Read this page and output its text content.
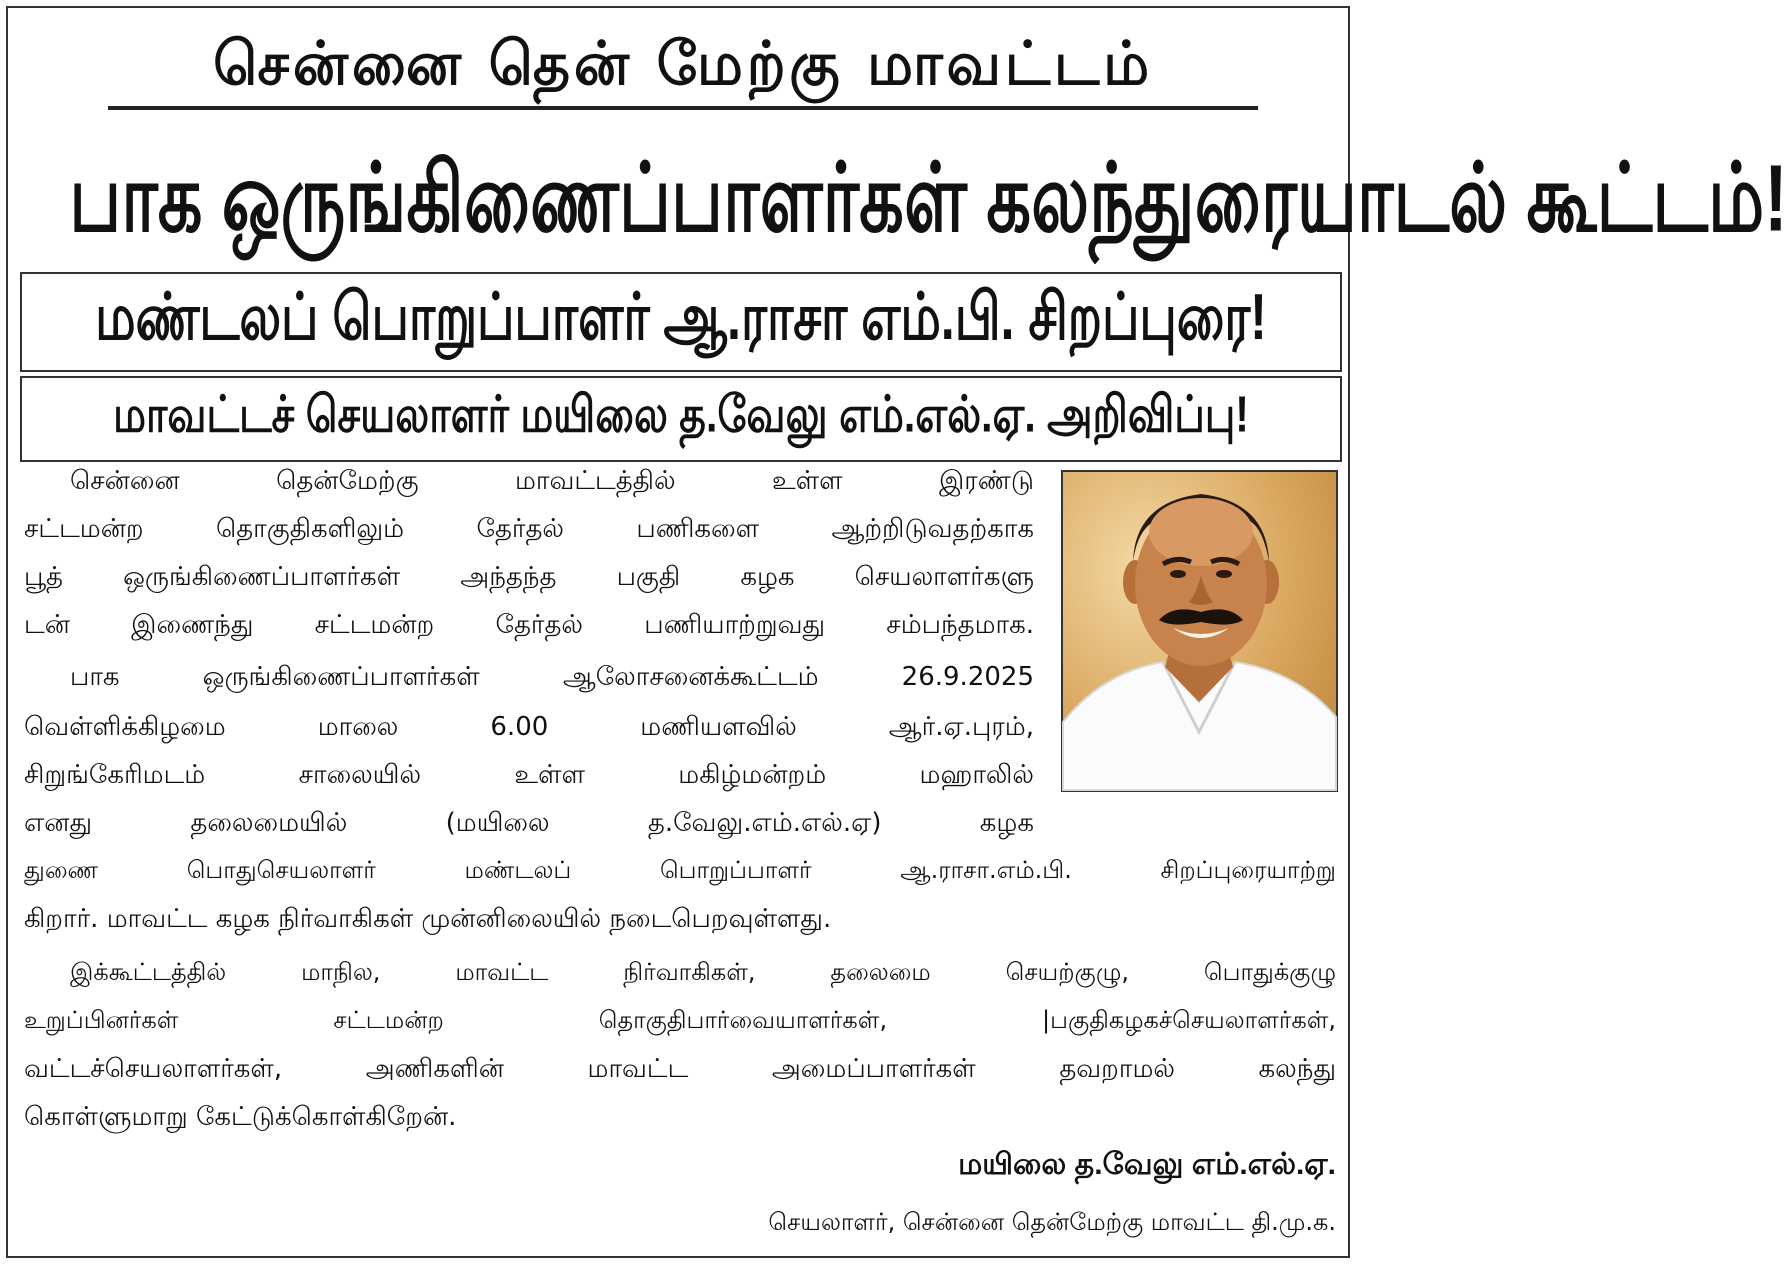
சென்னை தென் மேற்கு மாவட்டம்
பாக ஒருங்கிணைப்பாளர்கள் கலந்துரையாடல் கூட்டம்!
மண்டலப் பொறுப்பாளர் ஆ.ராசா எம்.பி. சிறப்புரை!
மாவட்டச் செயலாளர் மயிலை த.வேலு எம்.எல்.ஏ. அறிவிப்பு!
சென்னை தென்மேற்கு மாவட்டத்தில் உள்ள இரண்டு
சட்டமன்ற தொகுதிகளிலும் தேர்தல் பணிகளை ஆற்றிடுவதற்காக
பூத் ஒருங்கிணைப்பாளர்கள் அந்தந்த பகுதி கழக செயலாளர்களு
டன் இணைந்து சட்டமன்ற தேர்தல் பணியாற்றுவது சம்பந்தமாக.
பாக ஒருங்கிணைப்பாளர்கள் ஆலோசனைக்கூட்டம் 26.9.2025
வெள்ளிக்கிழமை மாலை 6.00 மணியளவில் ஆர்.ஏ.புரம்,
சிறுங்கேரிமடம் சாலையில் உள்ள மகிழ்மன்றம் மஹாலில்
எனது தலைமையில் (மயிலை த.வேலு.எம்.எல்.ஏ) கழக
துணை பொதுசெயலாளர் மண்டலப் பொறுப்பாளர் ஆ.ராசா.எம்.பி. சிறப்புரையாற்று
கிறார். மாவட்ட கழக நிர்வாகிகள் முன்னிலையில் நடைபெறவுள்ளது.
இக்கூட்டத்தில் மாநில, மாவட்ட நிர்வாகிகள், தலைமை செயற்குழு, பொதுக்குழு
உறுப்பினர்கள் சட்டமன்ற தொகுதிபார்வையாளர்கள், |பகுதிகழகச்செயலாளர்கள்,
வட்டச்செயலாளர்கள், அணிகளின் மாவட்ட அமைப்பாளர்கள் தவறாமல் கலந்து
கொள்ளுமாறு கேட்டுக்கொள்கிறேன்.
மயிலை த.வேலு எம்.எல்.ஏ.
செயலாளர், சென்னை தென்மேற்கு மாவட்ட தி.மு.க.
